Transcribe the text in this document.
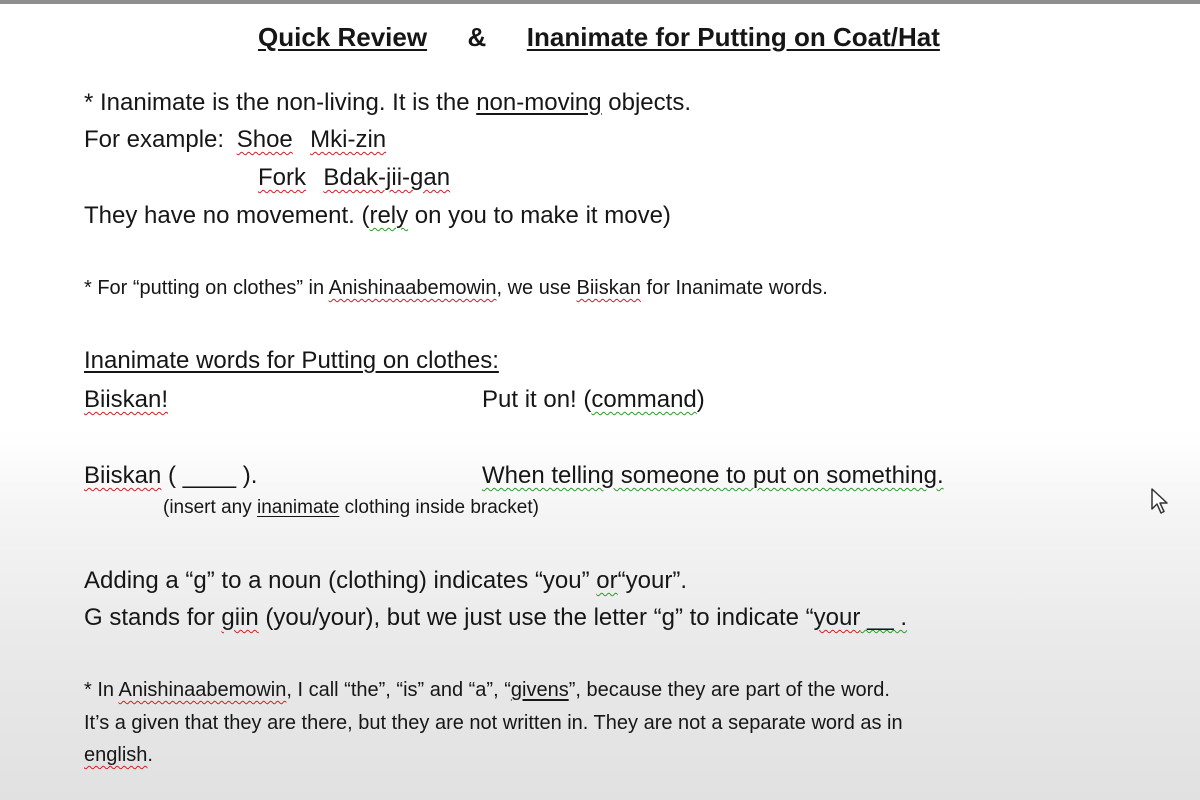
Quick Review & Inanimate for Putting on Coat/Hat
* Inanimate is the non-living. It is the non-moving objects.
For example: Shoe Mki-zin
Fork Bdak-jii-gan
They have no movement. (rely on you to make it move)
* For “putting on clothes” in Anishinaabemowin, we use Biiskan for Inanimate words.
Inanimate words for Putting on clothes:
Biiskan!	Put it on! (command)
Biiskan ( ____ ).	When telling someone to put on something.
(insert any inanimate clothing inside bracket)
Adding a “g” to a noun (clothing) indicates “you” or“your”.
G stands for giin (you/your), but we just use the letter “g” to indicate “your __ .
* In Anishinaabemowin, I call “the”, “is” and “a”, “givens”, because they are part of the word.
It’s a given that they are there, but they are not written in. They are not a separate word as in
english.
